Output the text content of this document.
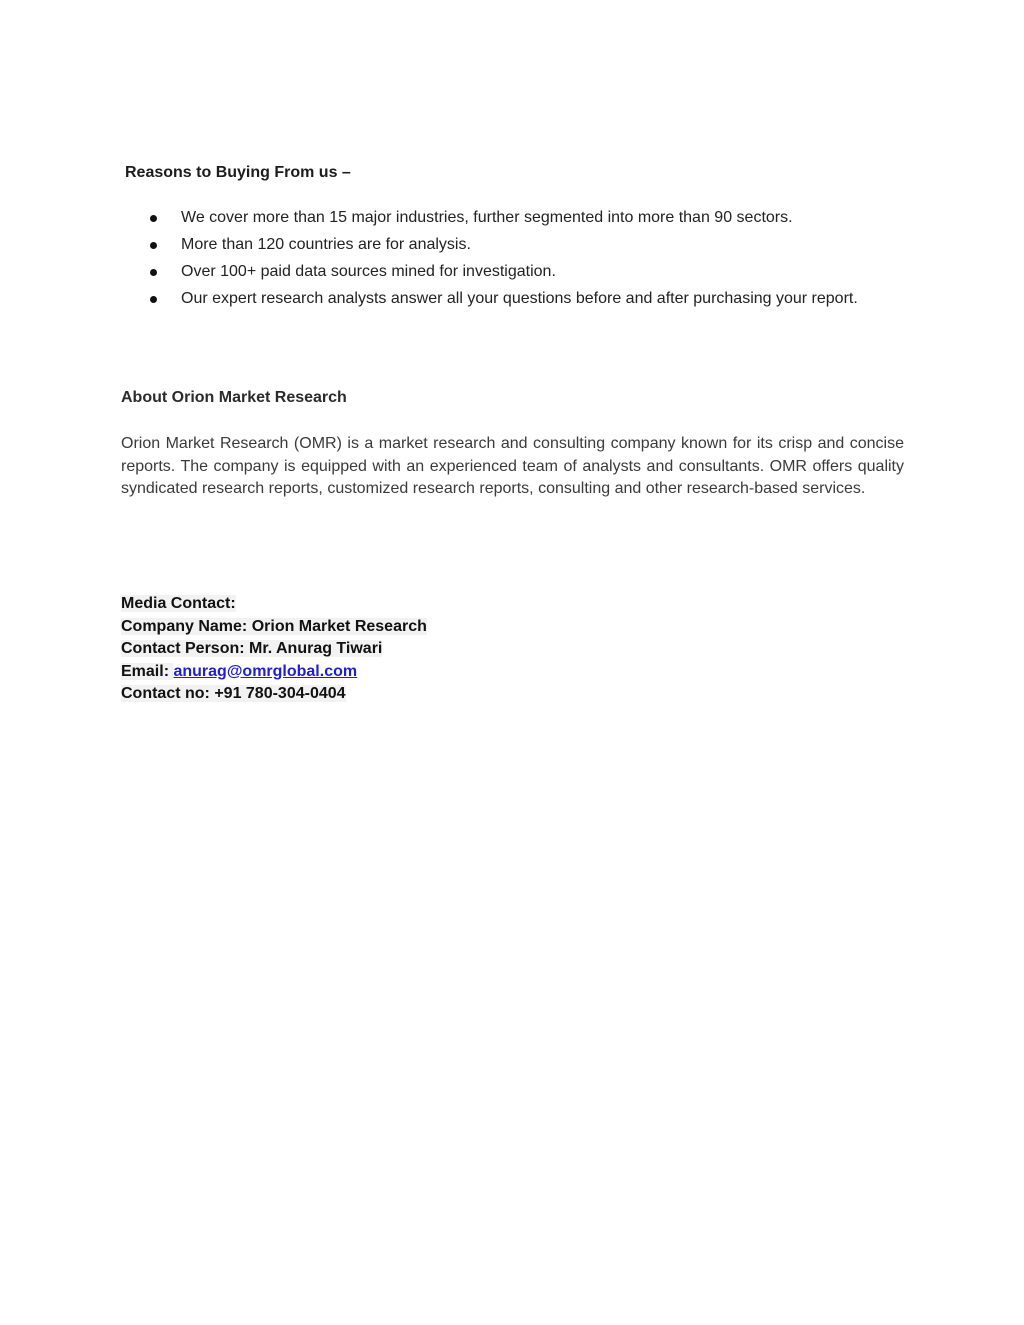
Reasons to Buying From us –
We cover more than 15 major industries, further segmented into more than 90 sectors.
More than 120 countries are for analysis.
Over 100+ paid data sources mined for investigation.
Our expert research analysts answer all your questions before and after purchasing your report.
About Orion Market Research

Orion Market Research (OMR) is a market research and consulting company known for its crisp and concise reports. The company is equipped with an experienced team of analysts and consultants. OMR offers quality syndicated research reports, customized research reports, consulting and other research-based services.

Media Contact:
Company Name: Orion Market Research
Contact Person: Mr. Anurag Tiwari
Email: anurag@omrglobal.com
Contact no: +91 780-304-0404
